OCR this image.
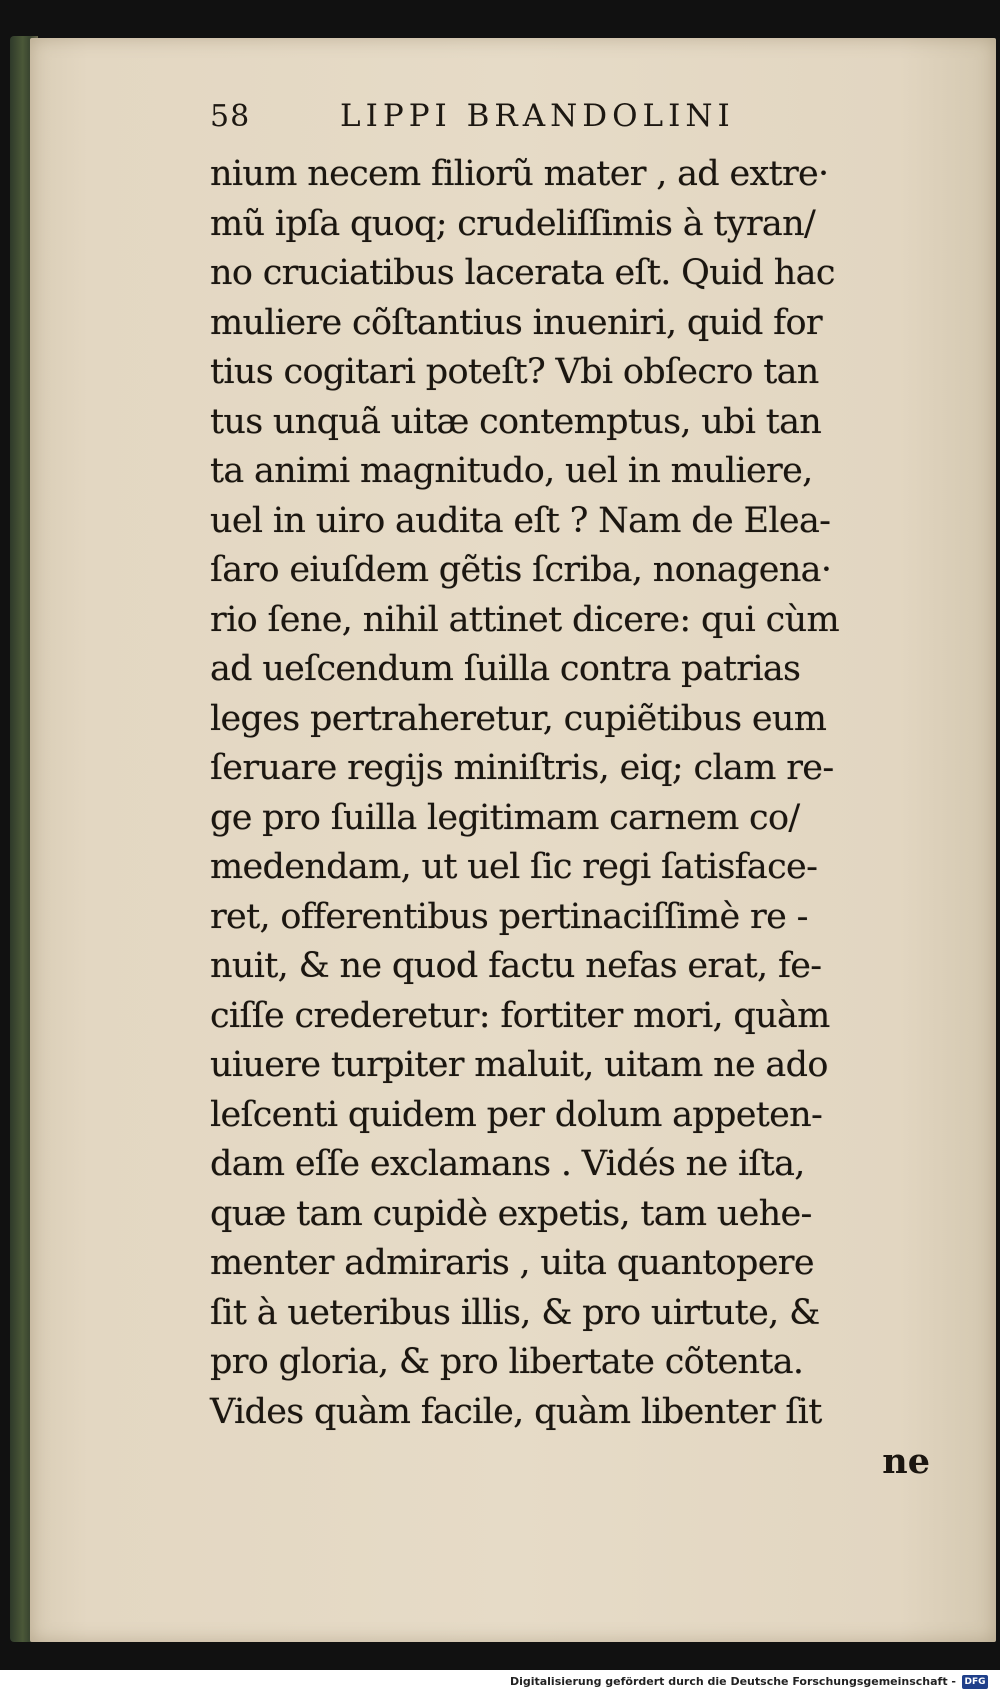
58	LIPPI BRANDOLINI
nium necem filiorũ mater , ad extre·
mũ ipſa quoq; crudeliſſimis à tyran/
no cruciatibus lacerata eſt. Quid hac
muliere cõſtantius inueniri, quid for
tius cogitari poteſt? Vbi obſecro tan
tus unquã uitæ contemptus, ubi tan
ta animi magnitudo, uel in muliere,
uel in uiro audita eſt ? Nam de Elea-
ſaro eiuſdem gẽtis ſcriba, nonagena·
rio ſene, nihil attinet dicere: qui cùm
ad ueſcendum ſuilla contra patrias
leges pertraheretur, cupiẽtibus eum
ſeruare regijs miniſtris, eiq; clam re-
ge pro ſuilla legitimam carnem co/
medendam, ut uel ſic regi ſatisface-
ret, offerentibus pertinaciſſimè re -
nuit, & ne quod factu nefas erat, fe-
ciſſe crederetur: fortiter mori, quàm
uiuere turpiter maluit, uitam ne ado
leſcenti quidem per dolum appeten-
dam eſſe exclamans . Vidés ne iſta,
quæ tam cupidè expetis, tam uehe-
menter admiraris , uita quantopere
ſit à ueteribus illis, & pro uirtute, &
pro gloria, & pro libertate cõtenta.
Vides quàm facile, quàm libenter ſit
ne
Digitalisierung gefördert durch die Deutsche Forschungsgemeinschaft - DFG
